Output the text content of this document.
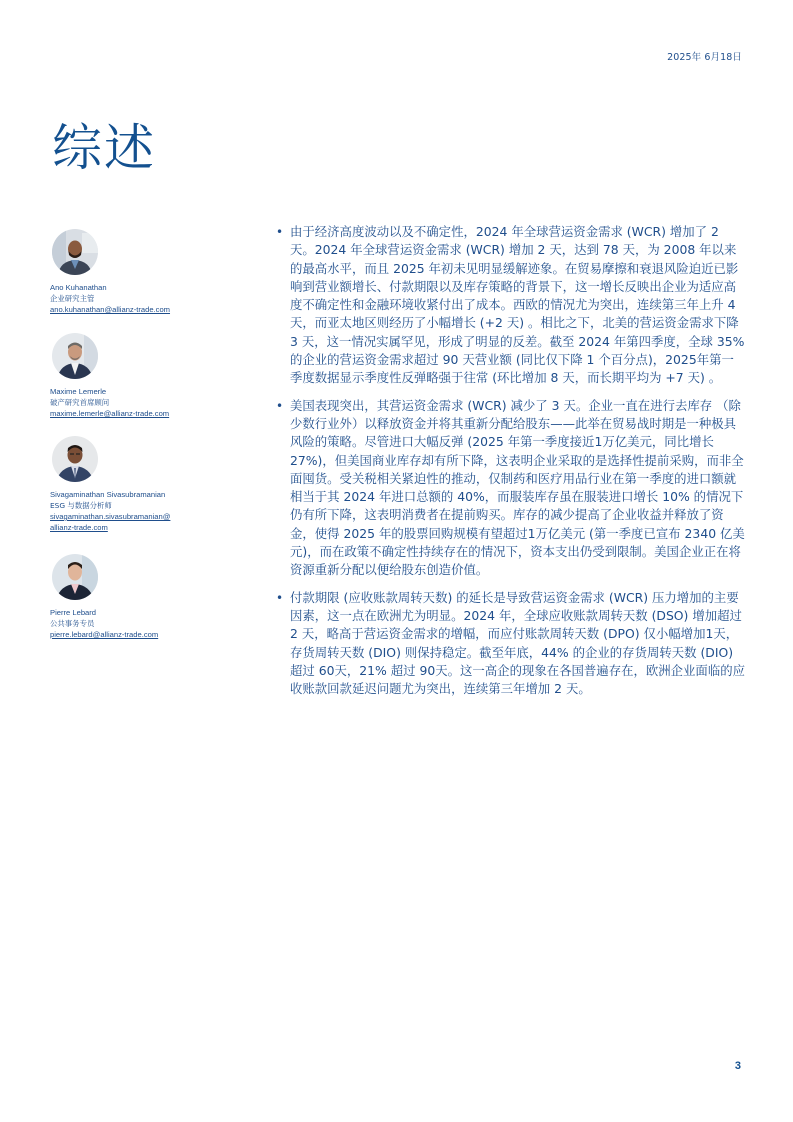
2025年 6月18日
综述
Ano Kuhanathan
企业研究主管
ano.kuhanathan@allianz-trade.com
Maxime Lemerle
破产研究首席顾问
maxime.lemerle@allianz-trade.com
Sivagaminathan Sivasubramanian
ESG 与数据分析师
sivagaminathan.sivasubramanian@
allianz-trade.com
Pierre Lebard
公共事务专员
pierre.lebard@allianz-trade.com
• 由于经济高度波动以及不确定性，2024 年全球营运资金需求 (WCR) 增加了 2 天。2024 年全球营运资金需求 (WCR) 增加 2 天，达到 78 天，为 2008 年以来的最高水平，而且 2025 年初未见明显缓解迹象。在贸易摩擦和衰退风险迫近已影响到营业额增长、付款期限以及库存策略的背景下，这一增长反映出企业为适应高度不确定性和金融环境收紧付出了成本。西欧的情况尤为突出，连续第三年上升 4天，而亚太地区则经历了小幅增长 (+2 天) 。相比之下，北美的营运资金需求下降 3 天，这一情况实属罕见，形成了明显的反差。截至 2024 年第四季度，全球 35% 的企业的营运资金需求超过 90 天营业额 (同比仅下降 1 个百分点)，2025年第一季度数据显示季度性反弹略强于往常 (环比增加 8 天，而长期平均为 +7 天) 。
• 美国表现突出，其营运资金需求 (WCR) 减少了 3 天。企业一直在进行去库存 （除少数行业外）以释放资金并将其重新分配给股东——此举在贸易战时期是一种极具风险的策略。尽管进口大幅反弹 (2025 年第一季度接近1万亿美元，同比增长 27%)，但美国商业库存却有所下降，这表明企业采取的是选择性提前采购，而非全面囤货。受关税相关紧迫性的推动，仅制药和医疗用品行业在第一季度的进口额就相当于其 2024 年进口总额的 40%，而服装库存虽在服装进口增长 10% 的情况下仍有所下降，这表明消费者在提前购买。库存的减少提高了企业收益并释放了资金，使得 2025 年的股票回购规模有望超过1万亿美元 (第一季度已宣布 2340 亿美元)，而在政策不确定性持续存在的情况下，资本支出仍受到限制。美国企业正在将资源重新分配以便给股东创造价值。
• 付款期限 (应收账款周转天数) 的延长是导致营运资金需求 (WCR) 压力增加的主要因素，这一点在欧洲尤为明显。2024 年，全球应收账款周转天数 (DSO) 增加超过 2 天，略高于营运资金需求的增幅，而应付账款周转天数 (DPO) 仅小幅增加1天，存货周转天数 (DIO) 则保持稳定。截至年底，44% 的企业的存货周转天数 (DIO) 超过 60天，21% 超过 90天。这一高企的现象在各国普遍存在，欧洲企业面临的应收账款回款延迟问题尤为突出，连续第三年增加 2 天。
3
